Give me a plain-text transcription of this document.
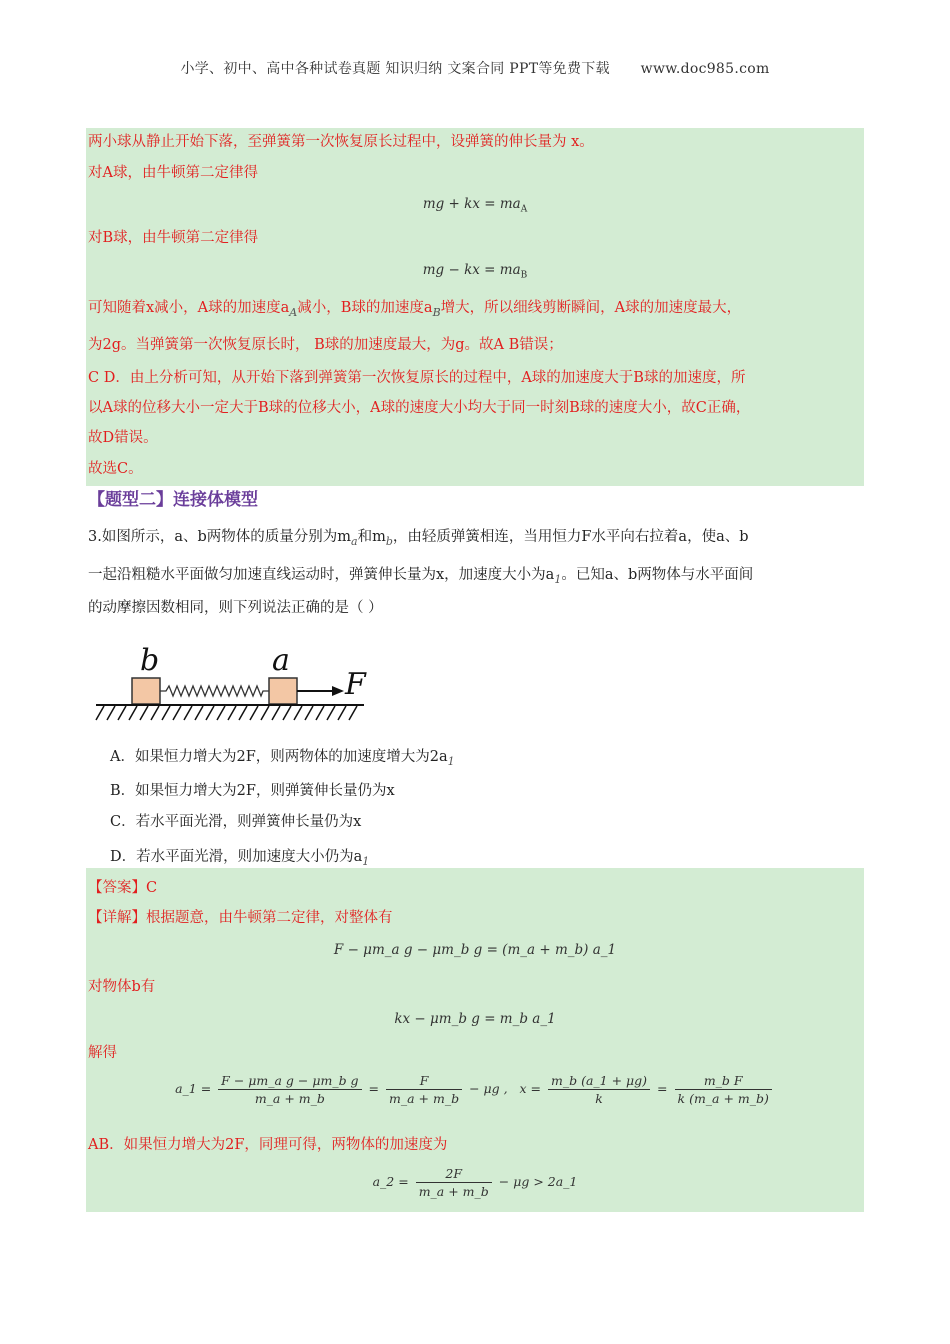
小学、初中、高中各种试卷真题 知识归纳 文案合同 PPT等免费下载 www.doc985.com
两小球从静止开始下落，至弹簧第一次恢复原长过程中，设弹簧的伸长量为 x。
对A球，由牛顿第二定律得
mg + kx = $ma_A$
对B球，由牛顿第二定律得
mg − kx = $ma_B$
可知随着x减小，A球的加速度$a_A$减小，B球的加速度$a_B$增大，所以细线剪断瞬间，A球的加速度最大，
为2g。当弹簧第一次恢复原长时， B球的加速度最大，为g。故A B错误；
C D．由上分析可知，从开始下落到弹簧第一次恢复原长的过程中，A球的加速度大于B球的加速度，所
以A球的位移大小一定大于B球的位移大小，A球的速度大小均大于同一时刻B球的速度大小，故C正确，
故D错误。
故选C。
【题型二】连接体模型
3.如图所示，a、b两物体的质量分别为$m_a$和$m_b$，由轻质弹簧相连，当用恒力F水平向右拉着a，使a、b
一起沿粗糙水平面做匀加速直线运动时，弹簧伸长量为x，加速度大小为$a_1$。已知a、b两物体与水平面间
的动摩擦因数相同，则下列说法正确的是（ ）
b	a
F
A．如果恒力增大为2F，则两物体的加速度增大为$2a_1$
B．如果恒力增大为2F，则弹簧伸长量仍为x
C．若水平面光滑，则弹簧伸长量仍为x
D．若水平面光滑，则加速度大小仍为$a_1$
【答案】C
【详解】根据题意，由牛顿第二定律，对整体有
F − μm_a g − μm_b g = (m_a + m_b) a_1
对物体b有
kx − μm_b g = m_b a_1
解得
a_1 = $\frac{\text{F − μm\_a g − μm\_b g}}{m\_a + m\_b} = \frac{F}{m\_a + m\_b} - \mu g$ , $x = \frac{m\_b (a\_1 + \mu g)}{k} = \frac{\text{m\_b F}}{k (m\_a + m\_b)}$
AB．如果恒力增大为2F，同理可得，两物体的加速度为
a_2 = $\frac{2F}{m\_a + m\_b} - \mu g$ > 2a_1
